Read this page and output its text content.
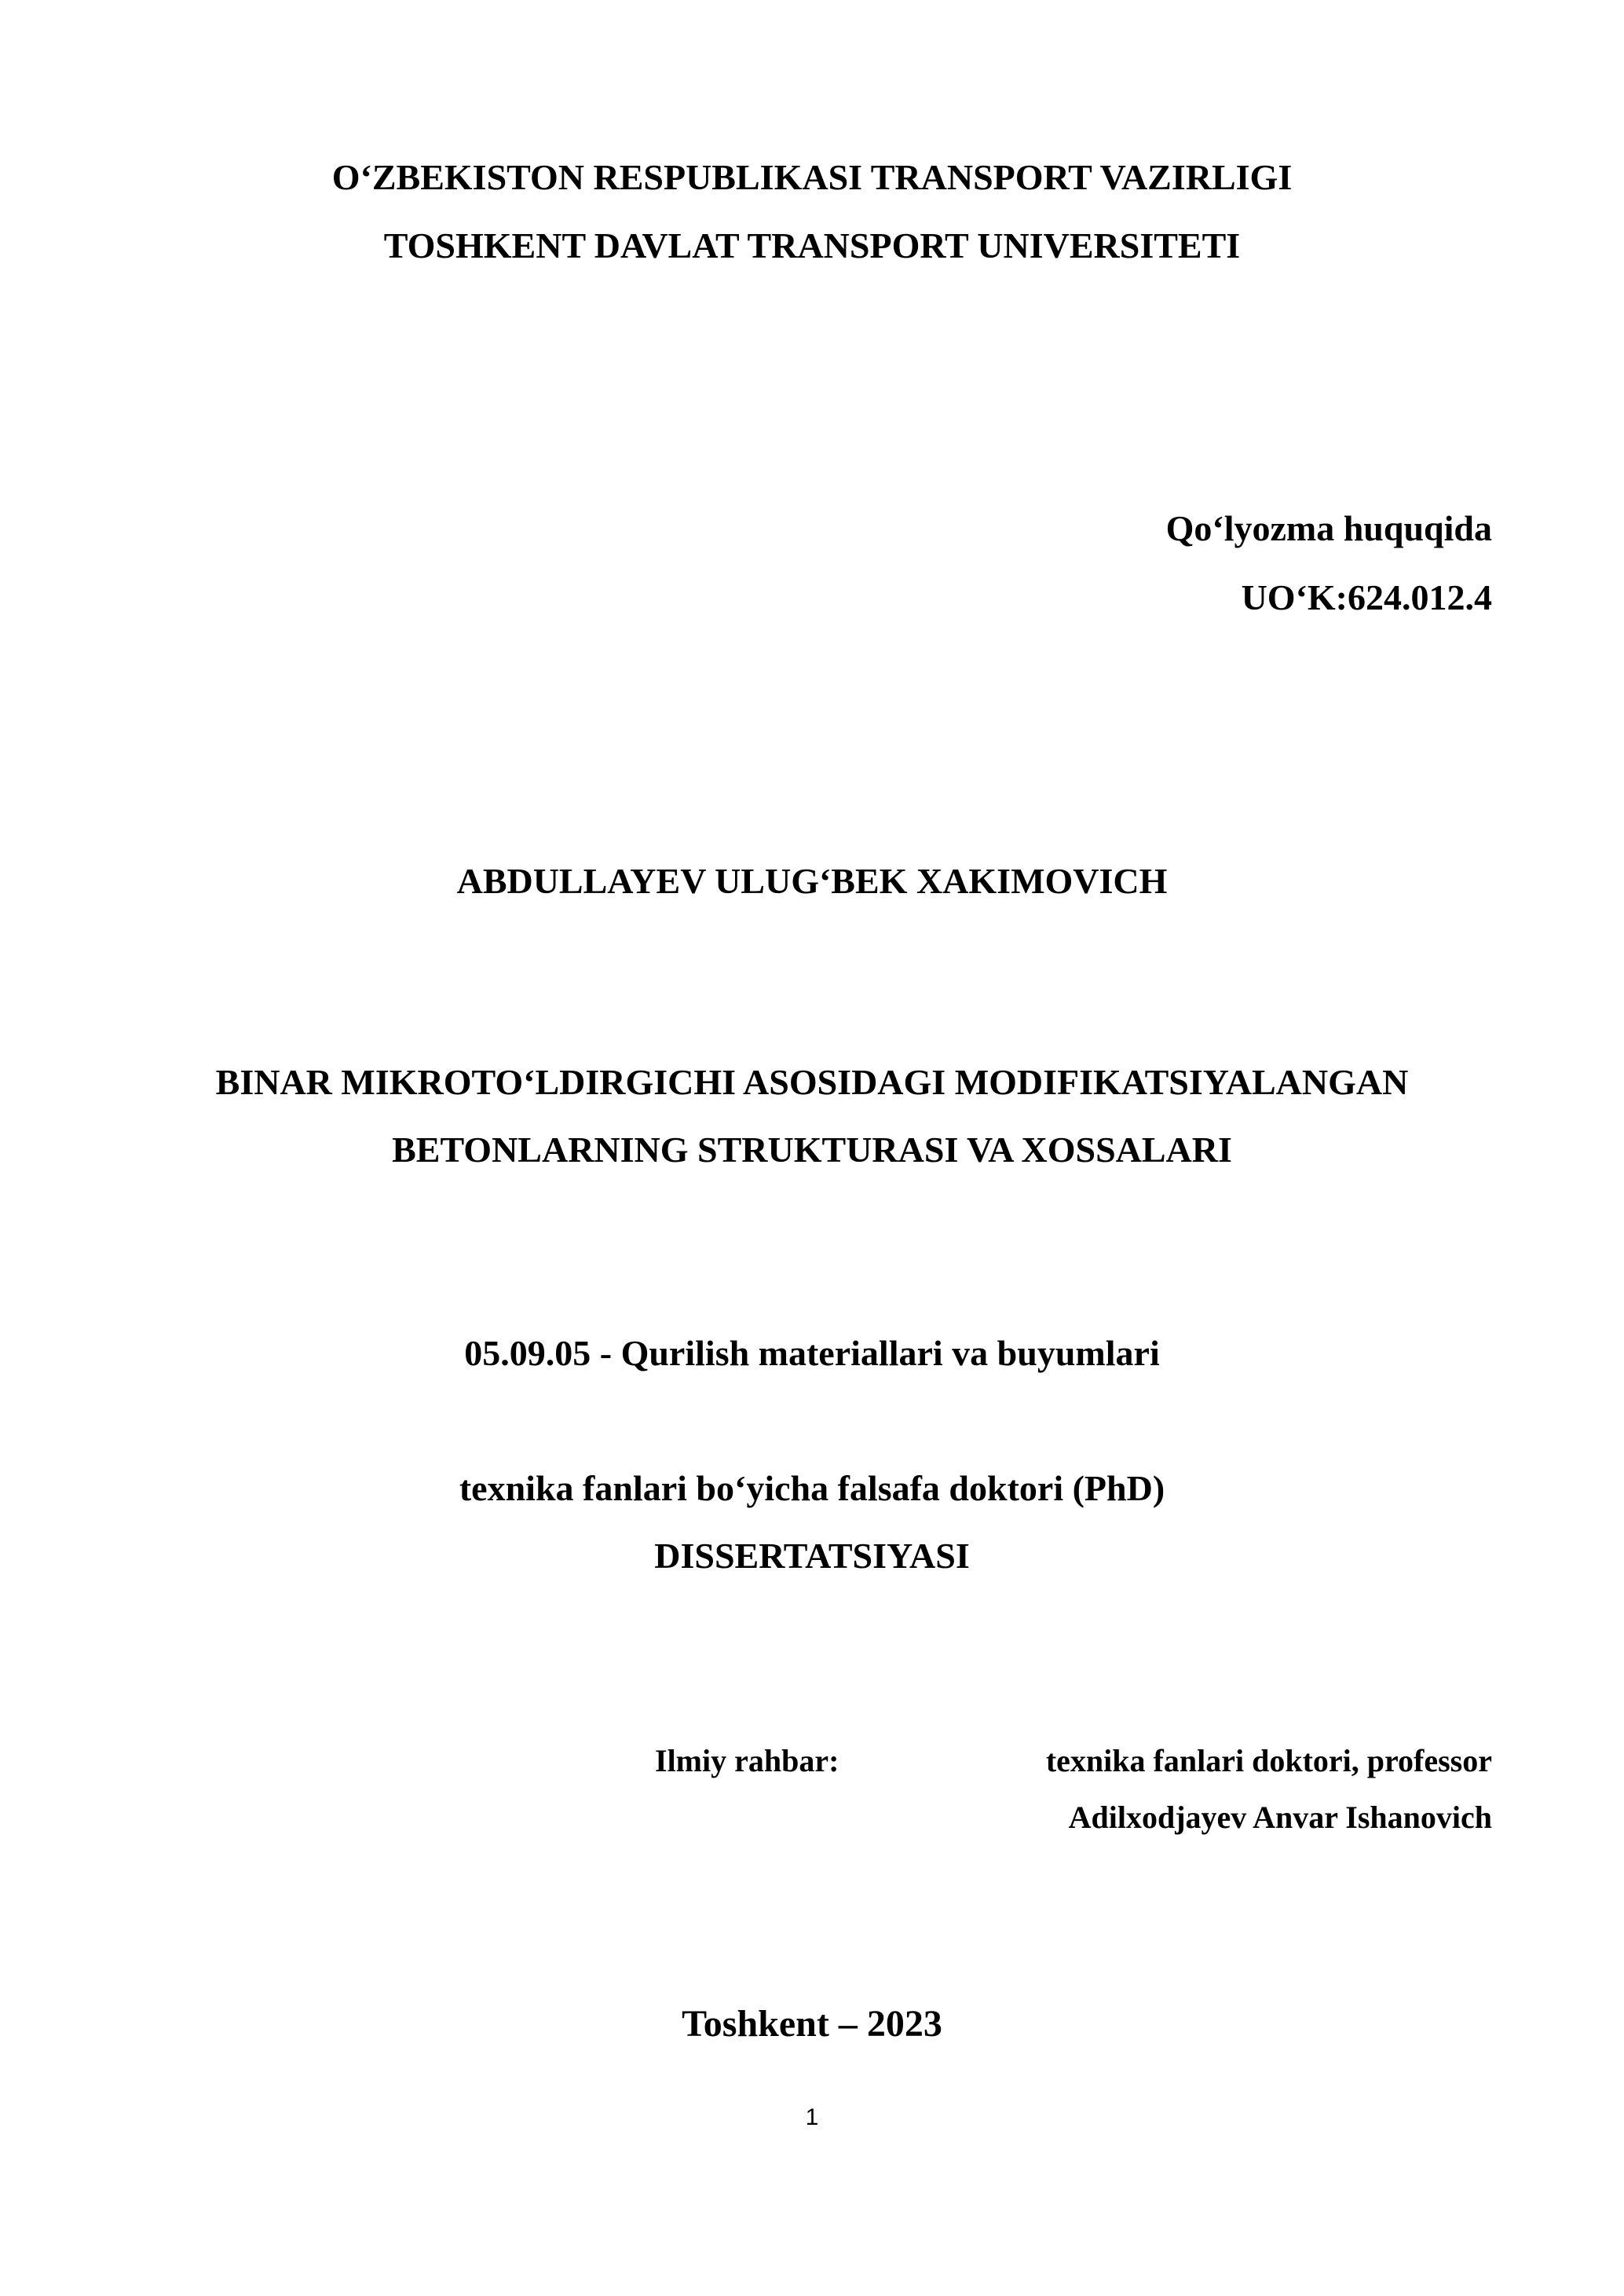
O‘ZBEKISTON RESPUBLIKASI TRANSPORT VAZIRLIGI
TOSHKENT DAVLAT TRANSPORT UNIVERSITETI
Qo‘lyozma huquqida
UO‘K:624.012.4
ABDULLAYEV ULUG‘BEK XAKIMOVICH
BINAR MIKROTO‘LDIRGICHI ASOSIDAGI MODIFIKATSIYALANGAN
BETONLARNING STRUKTURASI VA XOSSALARI
05.09.05 - Qurilish materiallari va buyumlari
texnika fanlari bo‘yicha falsafa doktori (PhD)
DISSERTATSIYASI
Ilmiy rahbar:	texnika fanlari doktori, professor
Adilxodjayev Anvar Ishanovich
Toshkent – 2023
1
